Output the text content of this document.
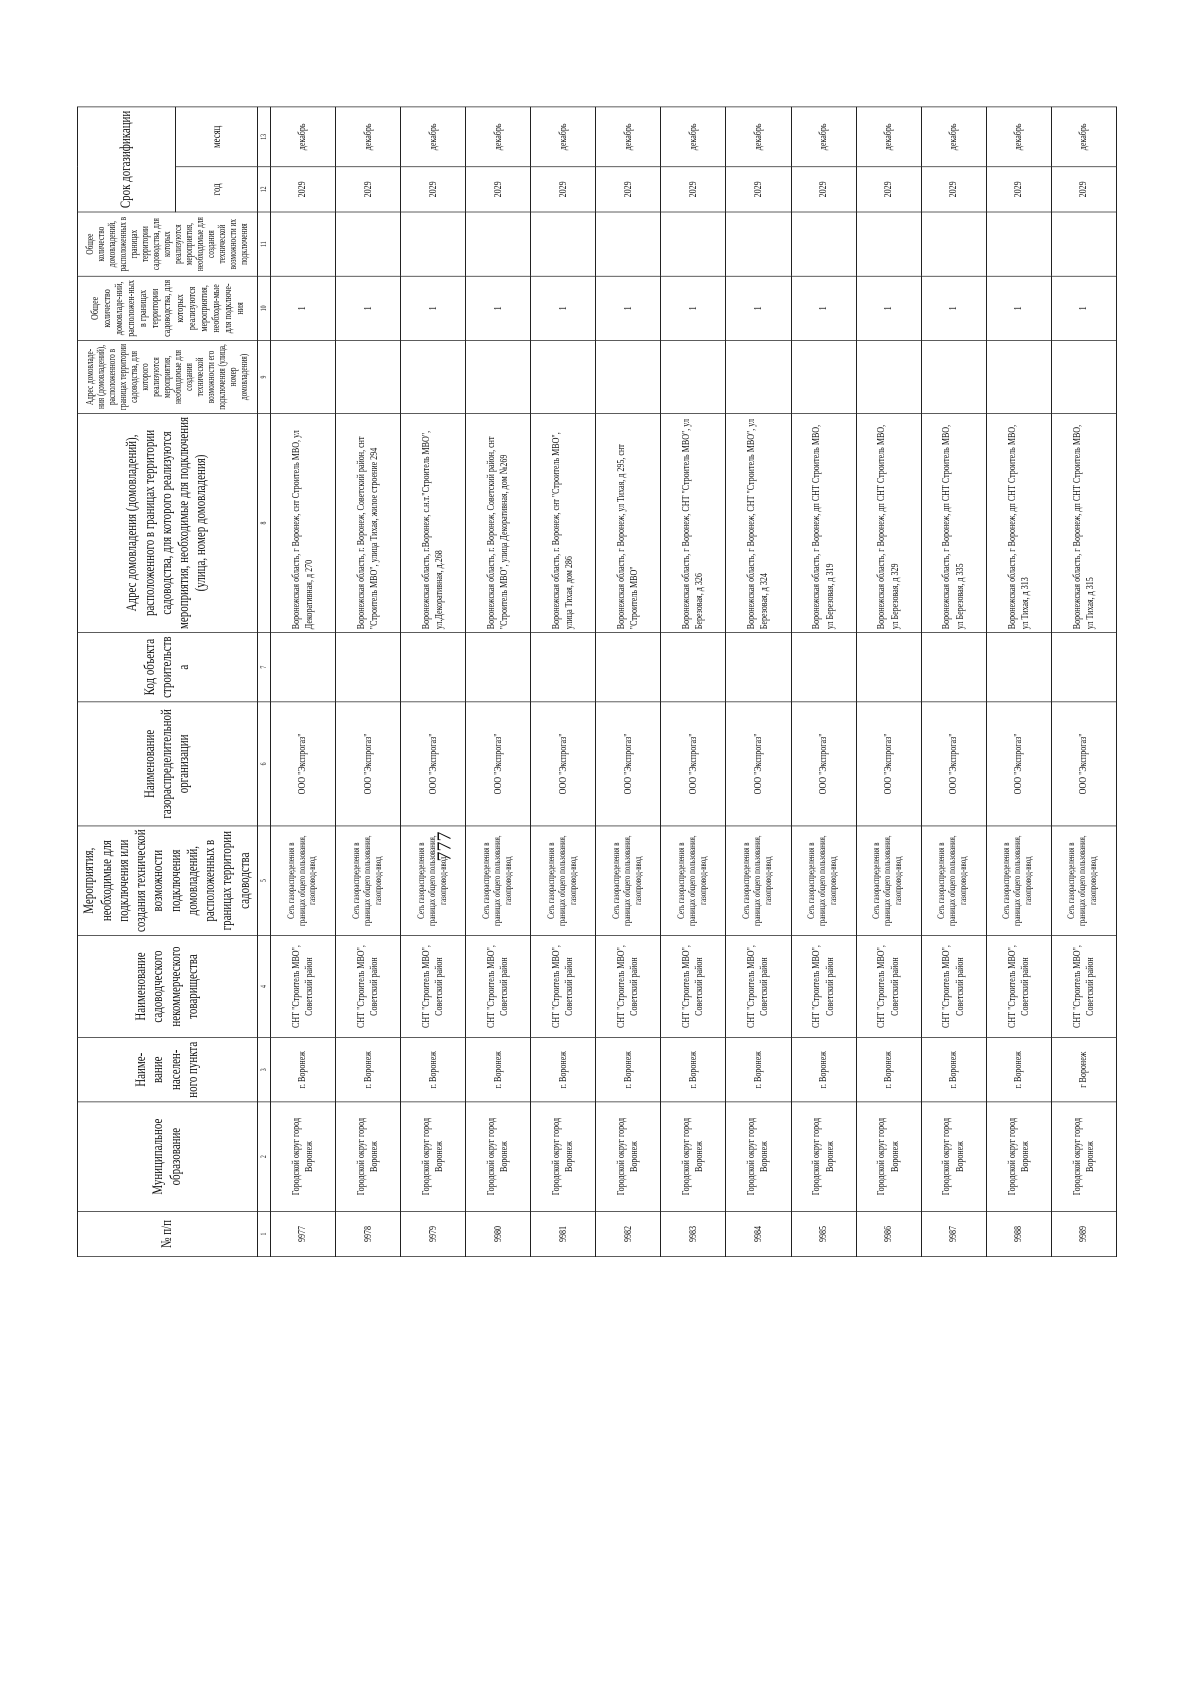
777
№ п/п	Муниципальное образование	Наиме-вание населен-ного пункта	Наименование садоводческого некоммерческого товарищества	Мероприятия, необходимые для подключения или создания технической возможности подключения домовладений, расположенных в границах территории садоводства	Наименование газораспределительной организации	Код объекта строительства	Адрес домовладения (домовладений), расположенного в границах территории садоводства, для которого реализуются мероприятия, необходимые для подключения (улица, номер домовладения)	Адрес домовладе-ния (домовладений), расположенного в границах территории садоводства, для которого реализуются мероприятия, необходимые для создания технической возможности его подключения (улица, номер домовладения)	Общее количество домовладе-ний, расположен-ных в границах территории садоводства, для которых реализуются мероприятия, необходи-мые для подключе-ния	Общее количество домовладений, расположенных в границах территории садоводства, для которых реализуются мероприятия, необходимые для создания технической возможности их подключения	Срок догазификации	
											год	месяц
1	2	3	4	5	6	7	8	9	10	11	12	13
9977	Городской округ город Воронеж	г. Воронеж	СНТ "Строитель МВО", Советский район	Сеть газораспределения в границах общего пользования, газопровод-ввод	ООО "Экспрогаз"		Воронежская область, г Воронеж, снт Строитель МВО, ул Декоративная, д 270		1		2029	декабрь
9978	Городской округ город Воронеж	г. Воронеж	СНТ "Строитель МВО", Советский район	Сеть газораспределения в границах общего пользования, газопровод-ввод	ООО "Экспрогаз"		Воронежская область, г. Воронеж, Советский район, снт "Строитель МВО", улица Тихая, жилое строение 294		1		2029	декабрь
9979	Городской округ город Воронеж	г. Воронеж	СНТ "Строитель МВО", Советский район	Сеть газораспределения в границах общего пользования, газопровод-ввод	ООО "Экспрогаз"		Воронежская область, г.Воронеж, с.н.т."Строитель МВО", ул.Декоративная, д.268		1		2029	декабрь
9980	Городской округ город Воронеж	г. Воронеж	СНТ "Строитель МВО", Советский район	Сеть газораспределения в границах общего пользования, газопровод-ввод	ООО "Экспрогаз"		Воронежская область, г. Воронеж, Советский район, снт "Строитель МВО", улица Декоративная, дом №269		1		2029	декабрь
9981	Городской округ город Воронеж	г. Воронеж	СНТ "Строитель МВО", Советский район	Сеть газораспределения в границах общего пользования, газопровод-ввод	ООО "Экспрогаз"		Воронежская область, г. Воронеж, снт "Строитель МВО", улица Тихая, дом 286		1		2029	декабрь
9982	Городской округ город Воронеж	г. Воронеж	СНТ "Строитель МВО", Советский район	Сеть газораспределения в границах общего пользования, газопровод-ввод	ООО "Экспрогаз"		Воронежская область, г Воронеж, ул Тихая, д 295, снт "Строитель МВО"		1		2029	декабрь
9983	Городской округ город Воронеж	г. Воронеж	СНТ "Строитель МВО", Советский район	Сеть газораспределения в границах общего пользования, газопровод-ввод	ООО "Экспрогаз"		Воронежская область, г Воронеж, СНТ "Строитель МВО", ул Березовая, д 326		1		2029	декабрь
9984	Городской округ город Воронеж	г. Воронеж	СНТ "Строитель МВО", Советский район	Сеть газораспределения в границах общего пользования, газопровод-ввод	ООО "Экспрогаз"		Воронежская область, г Воронеж, СНТ "Строитель МВО", ул Березовая, д 324		1		2029	декабрь
9985	Городской округ город Воронеж	г. Воронеж	СНТ "Строитель МВО", Советский район	Сеть газораспределения в границах общего пользования, газопровод-ввод	ООО "Экспрогаз"		Воронежская область, г Воронеж, дп СНТ Строитель МВО, ул Березовая, д 319		1		2029	декабрь
9986	Городской округ город Воронеж	г. Воронеж	СНТ "Строитель МВО", Советский район	Сеть газораспределения в границах общего пользования, газопровод-ввод	ООО "Экспрогаз"		Воронежская область, г Воронеж, дп СНТ Строитель МВО, ул Березовая, д 329		1		2029	декабрь
9987	Городской округ город Воронеж	г. Воронеж	СНТ "Строитель МВО", Советский район	Сеть газораспределения в границах общего пользования, газопровод-ввод	ООО "Экспрогаз"		Воронежская область, г Воронеж, дп СНТ Строитель МВО, ул Березовая, д 335		1		2029	декабрь
9988	Городской округ город Воронеж	г. Воронеж	СНТ "Строитель МВО", Советский район	Сеть газораспределения в границах общего пользования, газопровод-ввод	ООО "Экспрогаз"		Воронежская область, г Воронеж, дп СНТ Строитель МВО, ул Тихая, д 313		1		2029	декабрь
9989	Городской округ город Воронеж	г Воронеж	СНТ "Строитель МВО", Советский район	Сеть газораспределения в границах общего пользования, газопровод-ввод	ООО "Экспрогаз"		Воронежская область, г Воронеж, дп СНТ Строитель МВО, ул Тихая, д 315		1		2029	декабрь
